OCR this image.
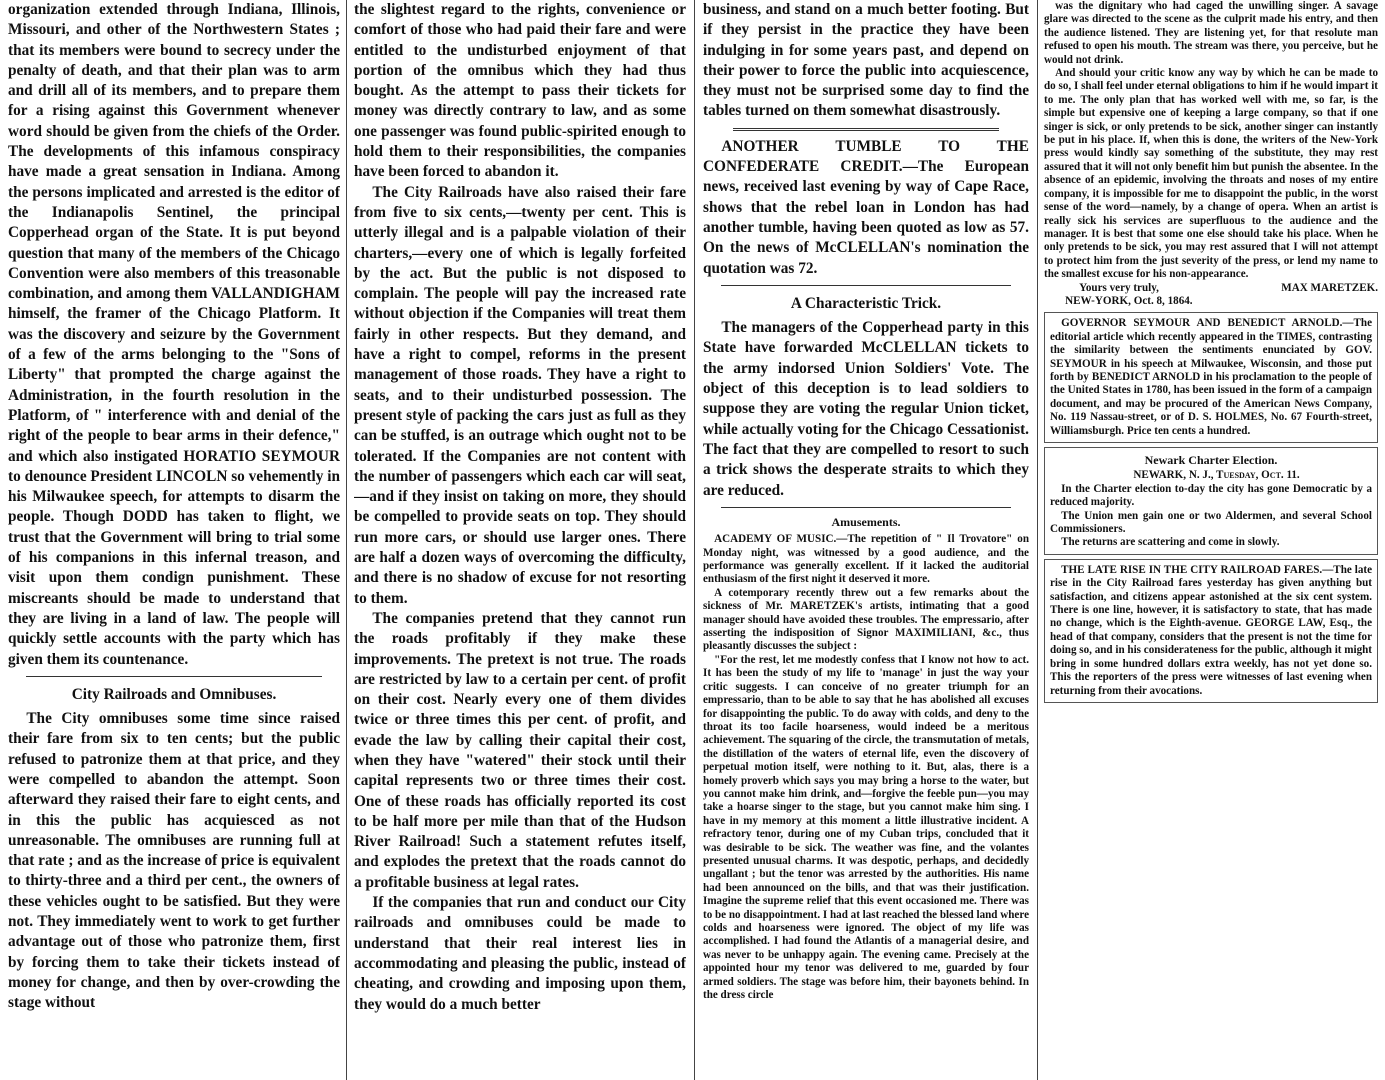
organization extended through Indiana, Illinois, Missouri, and other of the Northwestern States ; that its members were bound to secrecy under the penalty of death, and that their plan was to arm and drill all of its members, and to prepare them for a rising against this Government whenever word should be given from the chiefs of the Order. The developments of this infamous conspiracy have made a great sensation in Indiana. Among the persons implicated and arrested is the editor of the Indianapolis Sentinel, the principal Copperhead organ of the State. It is put beyond question that many of the members of the Chicago Convention were also members of this treasonable combination, and among them VALLANDIGHAM himself, the framer of the Chicago Platform. It was the discovery and seizure by the Government of a few of the arms belonging to the "Sons of Liberty" that prompted the charge against the Administration, in the fourth resolution in the Platform, of " interference with and denial of the right of the people to bear arms in their defence," and which also instigated HORATIO SEYMOUR to denounce President LINCOLN so vehemently in his Milwaukee speech, for attempts to disarm the people. Though DODD has taken to flight, we trust that the Government will bring to trial some of his companions in this infernal treason, and visit upon them condign punishment. These miscreants should be made to understand that they are living in a land of law. The people will quickly settle accounts with the party which has given them its countenance.

City Railroads and Omnibuses.

The City omnibuses some time since raised their fare from six to ten cents; but the public refused to patronize them at that price, and they were compelled to abandon the attempt. Soon afterward they raised their fare to eight cents, and in this the public has acquiesced as not unreasonable. The omnibuses are running full at that rate ; and as the increase of price is equivalent to thirty-three and a third per cent., the owners of these vehicles ought to be satisfied. But they were not. They immediately went to work to get further advantage out of those who patronize them, first by forcing them to take their tickets instead of money for change, and then by over-crowding the stage without

the slightest regard to the rights, convenience or comfort of those who had paid their fare and were entitled to the undisturbed enjoyment of that portion of the omnibus which they had thus bought. As the attempt to pass their tickets for money was directly contrary to law, and as some one passenger was found public-spirited enough to hold them to their responsibilities, the companies have been forced to abandon it.

The City Railroads have also raised their fare from five to six cents,—twenty per cent. This is utterly illegal and is a palpable violation of their charters,—every one of which is legally forfeited by the act. But the public is not disposed to complain. The people will pay the increased rate without objection if the Companies will treat them fairly in other respects. But they demand, and have a right to compel, reforms in the present management of those roads. They have a right to seats, and to their undisturbed possession. The present style of packing the cars just as full as they can be stuffed, is an outrage which ought not to be tolerated. If the Companies are not content with the number of passengers which each car will seat,—and if they insist on taking on more, they should be compelled to provide seats on top. They should run more cars, or should use larger ones. There are half a dozen ways of overcoming the difficulty, and there is no shadow of excuse for not resorting to them.

The companies pretend that they cannot run the roads profitably if they make these improvements. The pretext is not true. The roads are restricted by law to a certain per cent. of profit on their cost. Nearly every one of them divides twice or three times this per cent. of profit, and evade the law by calling their capital their cost, when they have "watered" their stock until their capital represents two or three times their cost. One of these roads has officially reported its cost to be half more per mile than that of the Hudson River Railroad! Such a statement refutes itself, and explodes the pretext that the roads cannot do a profitable business at legal rates.

If the companies that run and conduct our City railroads and omnibuses could be made to understand that their real interest lies in accommodating and pleasing the public, instead of cheating, and crowding and imposing upon them, they would do a much better

business, and stand on a much better footing. But if they persist in the practice they have been indulging in for some years past, and depend on their power to force the public into acquiescence, they must not be surprised some day to find the tables turned on them somewhat disastrously.

ANOTHER TUMBLE TO THE CONFEDERATE CREDIT.—The European news, received last evening by way of Cape Race, shows that the rebel loan in London has had another tumble, having been quoted as low as 57. On the news of McCLELLAN's nomination the quotation was 72.

A Characteristic Trick.

The managers of the Copperhead party in this State have forwarded McCLELLAN tickets to the army indorsed Union Soldiers' Vote. The object of this deception is to lead soldiers to suppose they are voting the regular Union ticket, while actually voting for the Chicago Cessationist. The fact that they are compelled to resort to such a trick shows the desperate straits to which they are reduced.

Amusements.

ACADEMY OF MUSIC.—The repetition of " Il Trovatore" on Monday night, was witnessed by a good audience, and the performance was generally excellent. If it lacked the auditorial enthusiasm of the first night it deserved it more.

A cotemporary recently threw out a few remarks about the sickness of Mr. MARETZEK's artists, intimating that a good manager should have avoided these troubles. The empressario, after asserting the indisposition of Signor MAXIMILIANI, &c., thus pleasantly discusses the subject :

"For the rest, let me modestly confess that I know not how to act. It has been the study of my life to 'manage' in just the way your critic suggests. I can conceive of no greater triumph for an empressario, than to be able to say that he has abolished all excuses for disappointing the public. To do away with colds, and deny to the throat its too facile hoarseness, would indeed be a meritous achievement. The squaring of the circle, the transmutation of metals, the distillation of the waters of eternal life, even the discovery of perpetual motion itself, were nothing to it. But, alas, there is a homely proverb which says you may bring a horse to the water, but you cannot make him drink, and—forgive the feeble pun—you may take a hoarse singer to the stage, but you cannot make him sing. I have in my memory at this moment a little illustrative incident. A refractory tenor, during one of my Cuban trips, concluded that it was desirable to be sick. The weather was fine, and the volantes presented unusual charms. It was despotic, perhaps, and decidedly ungallant ; but the tenor was arrested by the authorities. His name had been announced on the bills, and that was their justification. Imagine the supreme relief that this event occasioned me. There was to be no disappointment. I had at last reached the blessed land where colds and hoarseness were ignored. The object of my life was accomplished. I had found the Atlantis of a managerial desire, and was never to be unhappy again. The evening came. Precisely at the appointed hour my tenor was delivered to me, guarded by four armed soldiers. The stage was before him, their bayonets behind. In the dress circle

was the dignitary who had caged the unwilling singer. A savage glare was directed to the scene as the culprit made his entry, and then the audience listened. They are listening yet, for that resolute man refused to open his mouth. The stream was there, you perceive, but he would not drink.

And should your critic know any way by which he can be made to do so, I shall feel under eternal obligations to him if he would impart it to me. The only plan that has worked well with me, so far, is the simple but expensive one of keeping a large company, so that if one singer is sick, or only pretends to be sick, another singer can instantly be put in his place. If, when this is done, the writers of the New-York press would kindly say something of the substitute, they may rest assured that it will not only benefit him but punish the absentee. In the absence of an epidemic, involving the throats and noses of my entire company, it is impossible for me to disappoint the public, in the worst sense of the word—namely, by a change of opera. When an artist is really sick his services are superfluous to the audience and the manager. It is best that some one else should take his place. When he only pretends to be sick, you may rest assured that I will not attempt to protect him from the just severity of the press, or lend my name to the smallest excuse for his non-appearance.

Yours very truly,	MAX MARETZEK.

NEW-YORK, Oct. 8, 1864.

GOVERNOR SEYMOUR AND BENEDICT ARNOLD.—The editorial article which recently appeared in the TIMES, contrasting the similarity between the sentiments enunciated by GOV. SEYMOUR in his speech at Milwaukee, Wisconsin, and those put forth by BENEDICT ARNOLD in his proclamation to the people of the United States in 1780, has been issued in the form of a campaign document, and may be procured of the American News Company, No. 119 Nassau-street, or of D. S. HOLMES, No. 67 Fourth-street, Williamsburgh. Price ten cents a hundred.

Newark Charter Election.

NEWARK, N. J., Tuesday, Oct. 11.

In the Charter election to-day the city has gone Democratic by a reduced majority.

The Union men gain one or two Aldermen, and several School Commissioners.

The returns are scattering and come in slowly.

THE LATE RISE IN THE CITY RAILROAD FARES.—The late rise in the City Railroad fares yesterday has given anything but satisfaction, and citizens appear astonished at the six cent system. There is one line, however, it is satisfactory to state, that has made no change, which is the Eighth-avenue. GEORGE LAW, Esq., the head of that company, considers that the present is not the time for doing so, and in his considerateness for the public, although it might bring in some hundred dollars extra weekly, has not yet done so. This the reporters of the press were witnesses of last evening when returning from their avocations.
